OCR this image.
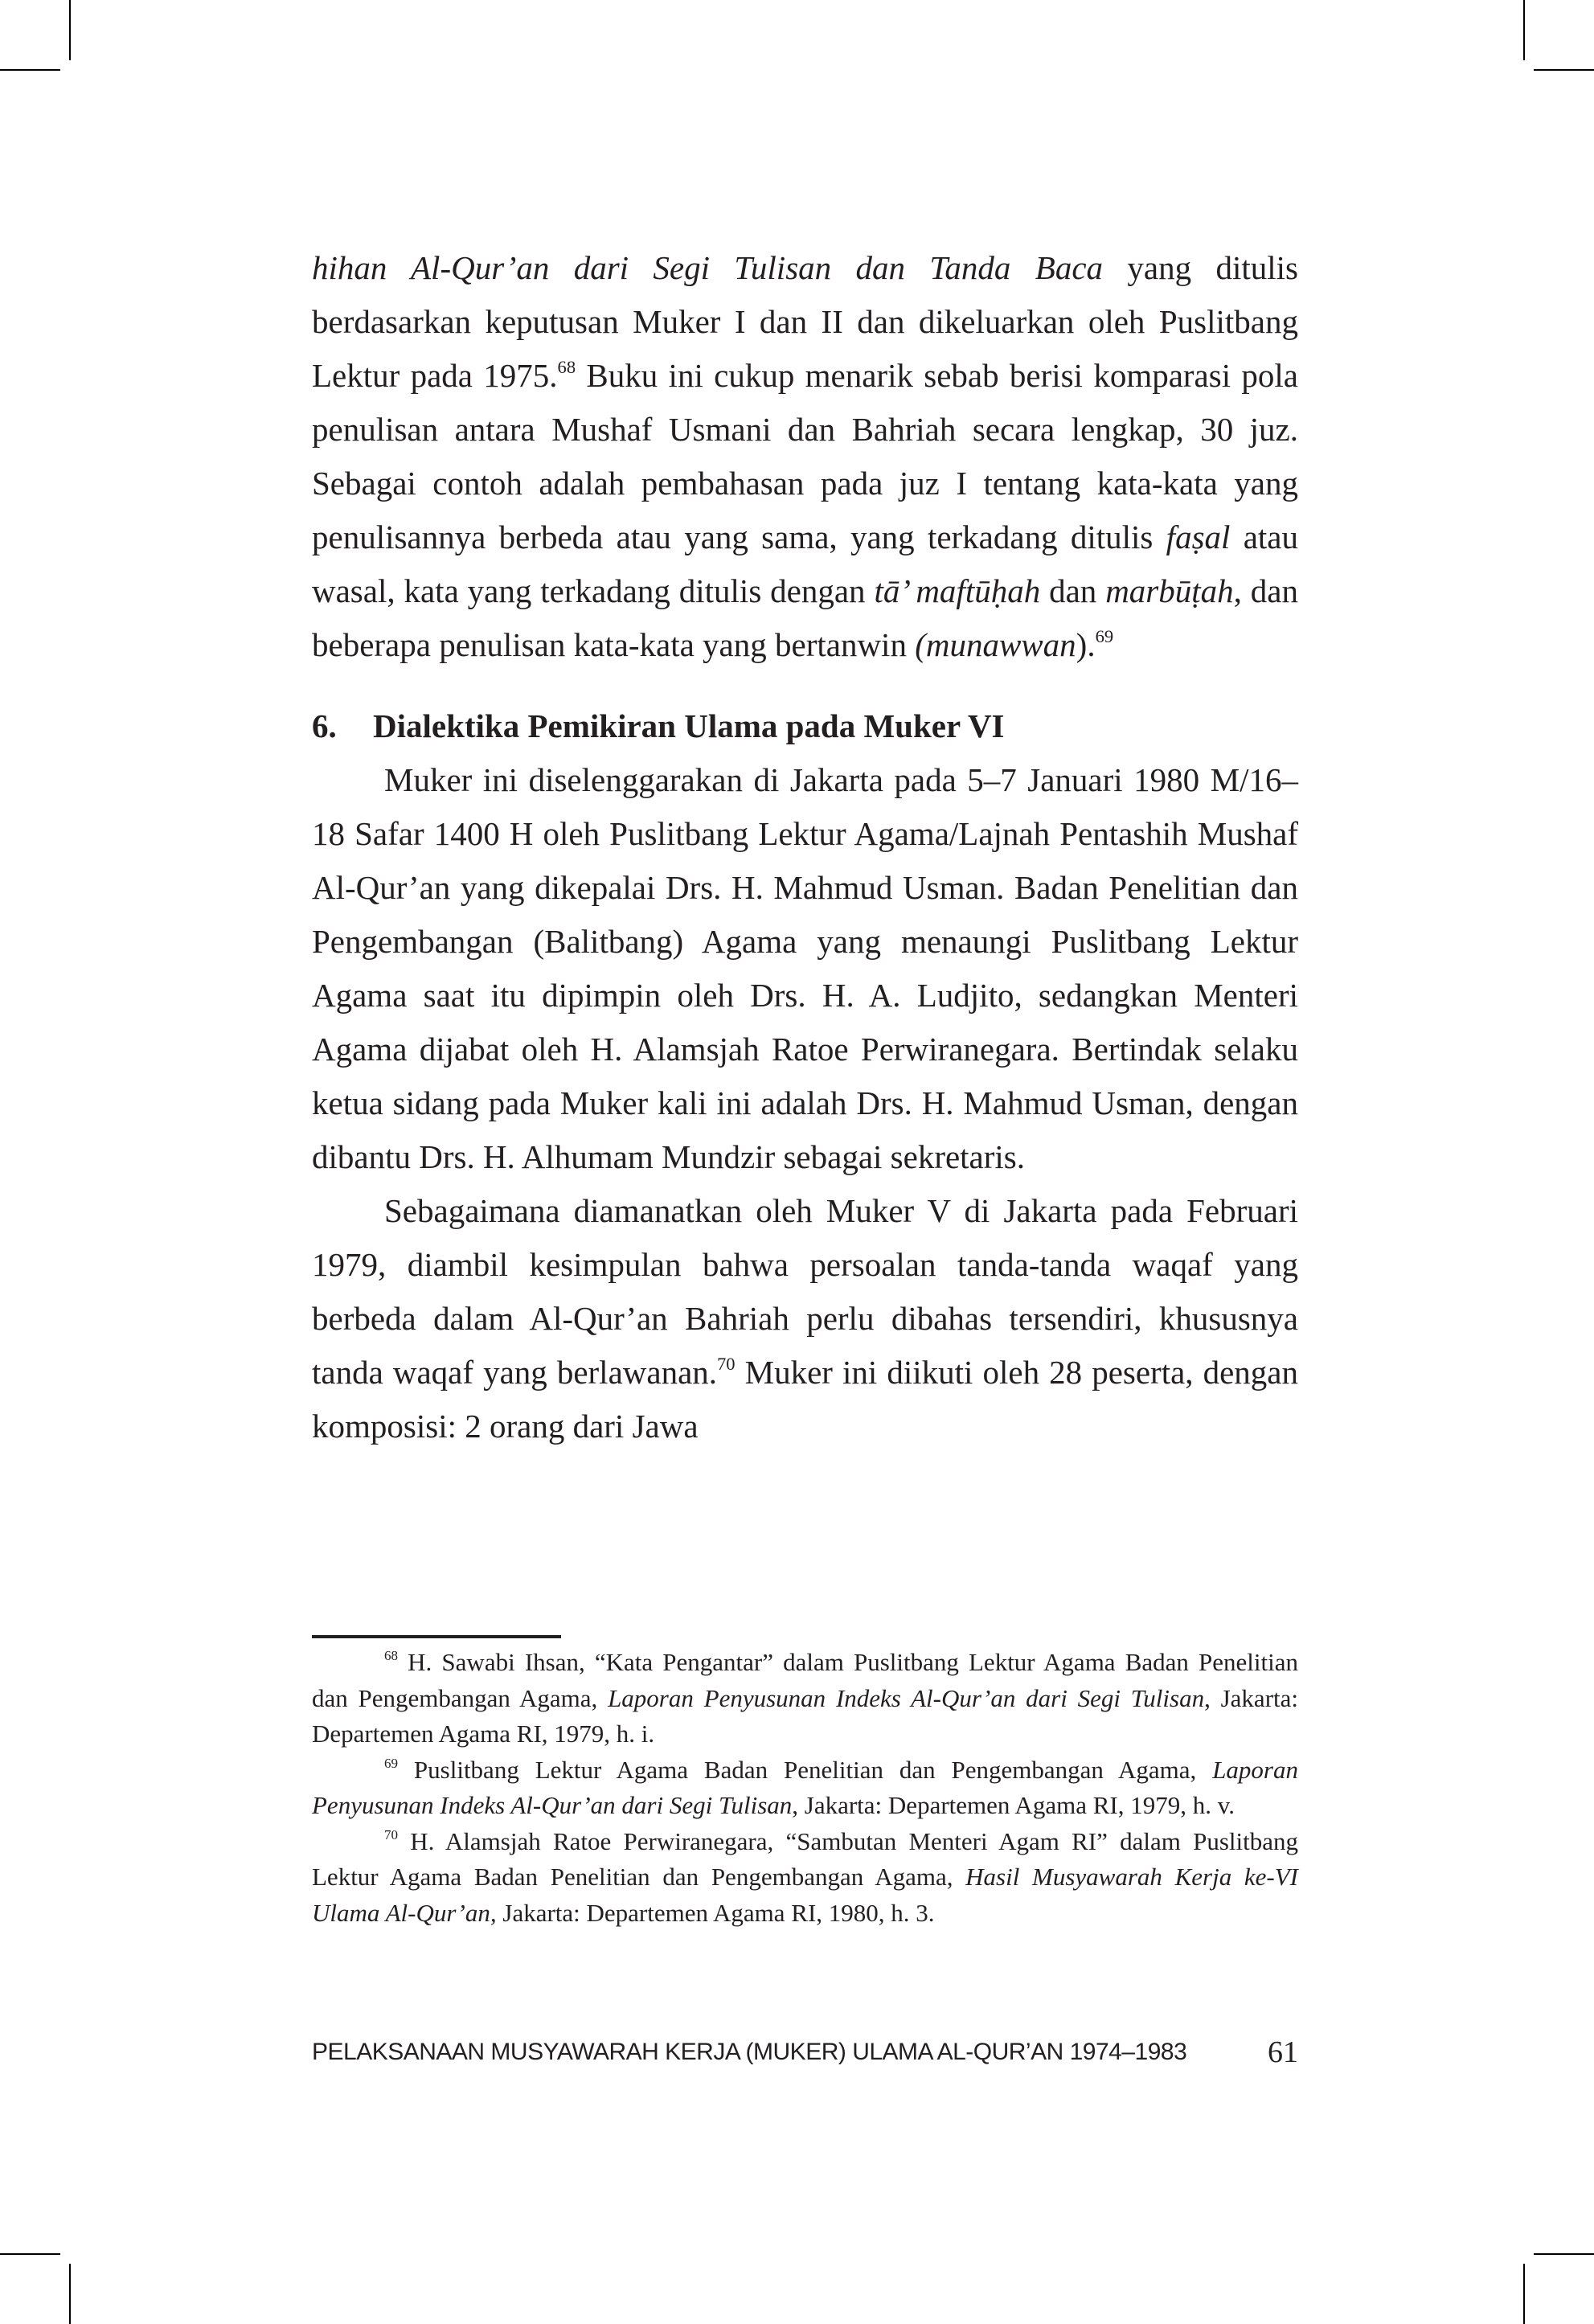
hihan Al-Qur’an dari Segi Tulisan dan Tanda Baca yang ditulis berdasarkan keputusan Muker I dan II dan dikeluarkan oleh Puslitbang Lektur pada 1975.68 Buku ini cukup menarik sebab berisi komparasi pola penulisan antara Mushaf Usmani dan Bahriah secara lengkap, 30 juz. Sebagai contoh adalah pembahasan pada juz I tentang kata-kata yang penulisannya berbeda atau yang sama, yang terkadang ditulis faṣal atau wasal, kata yang terkadang ditulis dengan tā’ maftūḥah dan marbūṭah, dan beberapa penulisan kata-kata yang bertanwin (munawwan).$^{69}$

6. Dialektika Pemikiran Ulama pada Muker VI

Muker ini diselenggarakan di Jakarta pada 5–7 Januari 1980 M/16–18 Safar 1400 H oleh Puslitbang Lektur Agama/Lajnah Pentashih Mushaf Al-Qur’an yang dikepalai Drs. H. Mahmud Usman. Badan Penelitian dan Pengembangan (Balitbang) Agama yang menaungi Puslitbang Lektur Agama saat itu dipimpin oleh Drs. H. A. Ludjito, sedangkan Menteri Agama dijabat oleh H. Alamsjah Ratoe Perwiranegara. Bertindak selaku ketua sidang pada Muker kali ini adalah Drs. H. Mahmud Usman, dengan dibantu Drs. H. Alhumam Mundzir sebagai sekretaris.

Sebagaimana diamanatkan oleh Muker V di Jakarta pada Februari 1979, diambil kesimpulan bahwa persoalan tanda-tanda waqaf yang berbeda dalam Al-Qur’an Bahriah perlu dibahas tersendiri, khususnya tanda waqaf yang berlawanan.$^{70}$ Muker ini diikuti oleh 28 peserta, dengan komposisi: 2 orang dari Jawa

$^{68}$ H. Sawabi Ihsan, “Kata Pengantar” dalam Puslitbang Lektur Agama Badan Penelitian dan Pengembangan Agama, Laporan Penyusunan Indeks Al-Qur’an dari Segi Tulisan, Jakarta: Departemen Agama RI, 1979, h. i.

$^{69}$ Puslitbang Lektur Agama Badan Penelitian dan Pengembangan Agama, Laporan Penyusunan Indeks Al-Qur’an dari Segi Tulisan, Jakarta: Departemen Agama RI, 1979, h. v.

$^{70}$ H. Alamsjah Ratoe Perwiranegara, “Sambutan Menteri Agam RI” dalam Puslitbang Lektur Agama Badan Penelitian dan Pengembangan Agama, Hasil Musyawarah Kerja ke-VI Ulama Al-Qur’an, Jakarta: Departemen Agama RI, 1980, h. 3.

PELAKSANAAN MUSYAWARAH KERJA (MUKER) ULAMA AL-QUR’AN 1974–1983	61
